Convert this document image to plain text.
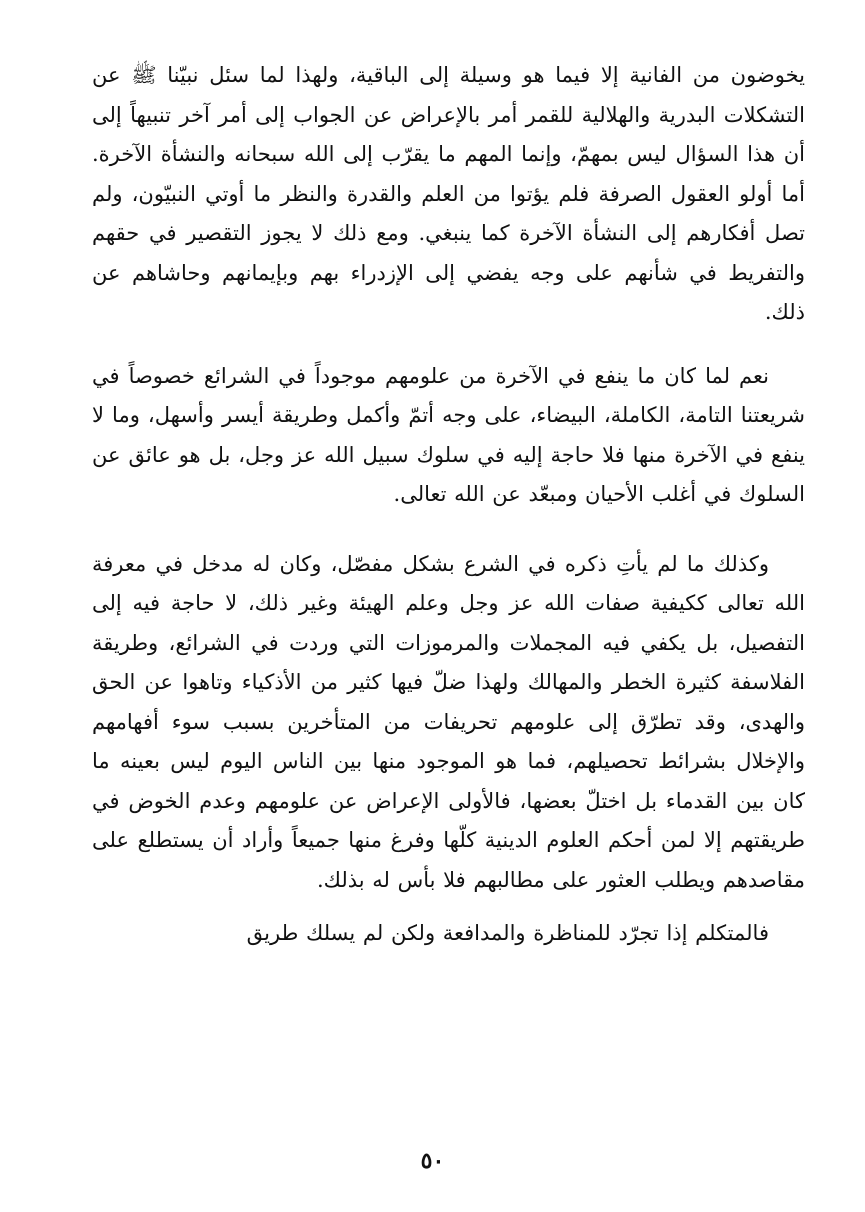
يخوضون من الفانية إلا فيما هو وسيلة إلى الباقية، ولهذا لما سئل نبيّنا ﷺ عن التشكلات البدرية والهلالية للقمر أمر بالإعراض عن الجواب إلى أمر آخر تنبيهاً إلى أن هذا السؤال ليس بمهمّ، وإنما المهم ما يقرّب إلى الله سبحانه والنشأة الآخرة. أما أولو العقول الصرفة فلم يؤتوا من العلم والقدرة والنظر ما أوتي النبيّون، ولم تصل أفكارهم إلى النشأة الآخرة كما ينبغي. ومع ذلك لا يجوز التقصير في حقهم والتفريط في شأنهم على وجه يفضي إلى الإزدراء بهم وبإيمانهم وحاشاهم عن ذلك.

نعم لما كان ما ينفع في الآخرة من علومهم موجوداً في الشرائع خصوصاً في شريعتنا التامة، الكاملة، البيضاء، على وجه أتمّ وأكمل وطريقة أيسر وأسهل، وما لا ينفع في الآخرة منها فلا حاجة إليه في سلوك سبيل الله عز وجل، بل هو عائق عن السلوك في أغلب الأحيان ومبعّد عن الله تعالى.

وكذلك ما لم يأتِ ذكره في الشرع بشكل مفصّل، وكان له مدخل في معرفة الله تعالى ككيفية صفات الله عز وجل وعلم الهيئة وغير ذلك، لا حاجة فيه إلى التفصيل، بل يكفي فيه المجملات والمرموزات التي وردت في الشرائع، وطريقة الفلاسفة كثيرة الخطر والمهالك ولهذا ضلّ فيها كثير من الأذكياء وتاهوا عن الحق والهدى، وقد تطرّق إلى علومهم تحريفات من المتأخرين بسبب سوء أفهامهم والإخلال بشرائط تحصيلهم، فما هو الموجود منها بين الناس اليوم ليس بعينه ما كان بين القدماء بل اختلّ بعضها، فالأولى الإعراض عن علومهم وعدم الخوض في طريقتهم إلا لمن أحكم العلوم الدينية كلّها وفرغ منها جميعاً وأراد أن يستطلع على مقاصدهم ويطلب العثور على مطالبهم فلا بأس له بذلك.

فالمتكلم إذا تجرّد للمناظرة والمدافعة ولكن لم يسلك طريق

٥٠
